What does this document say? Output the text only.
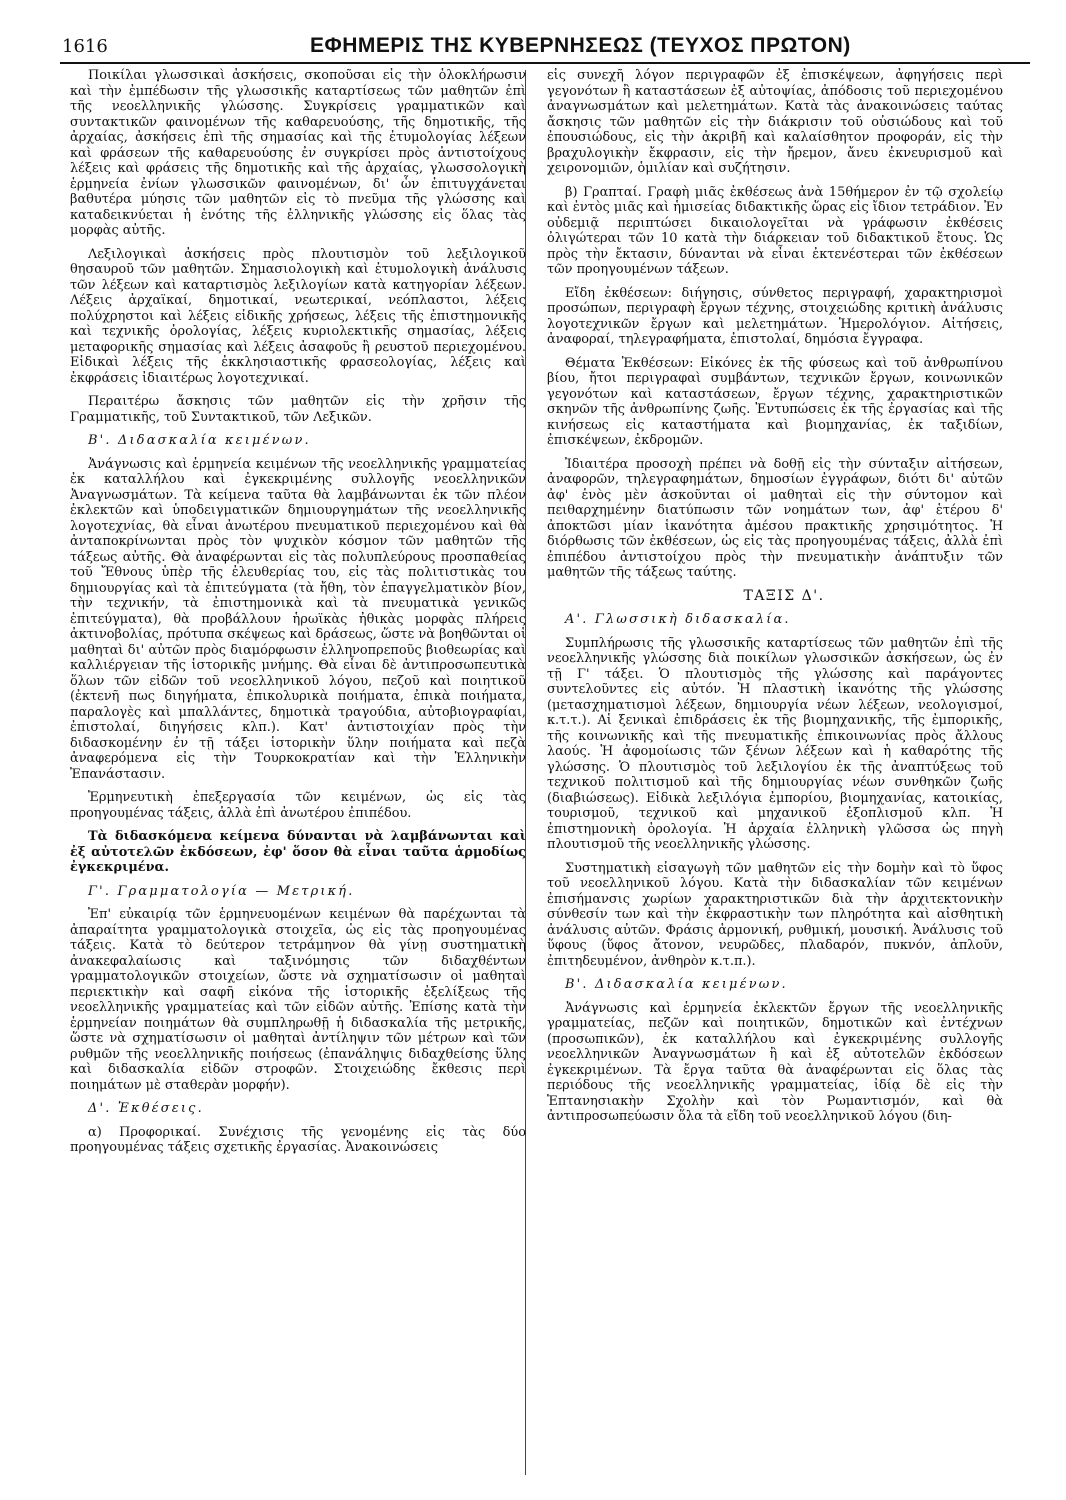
1616	ΕΦΗΜΕΡΙΣ ΤΗΣ ΚΥΒΕΡΝΗΣΕΩΣ (ΤΕΥΧΟΣ ΠΡΩΤΟΝ)

Ποικίλαι γλωσσικαὶ ἀσκήσεις, σκοποῦσαι εἰς τὴν ὁλοκλήρωσιν καὶ τὴν ἐμπέδωσιν τῆς γλωσσικῆς καταρτίσεως τῶν μαθητῶν ἐπὶ τῆς νεοελληνικῆς γλώσσης. Συγκρίσεις γραμματικῶν καὶ συντακτικῶν φαινομένων τῆς καθαρευούσης, τῆς δημοτικῆς, τῆς ἀρχαίας, ἀσκήσεις ἐπὶ τῆς σημασίας καὶ τῆς ἐτυμολογίας λέξεων καὶ φράσεων τῆς καθαρευούσης ἐν συγκρίσει πρὸς ἀντιστοίχους λέξεις καὶ φράσεις τῆς δημοτικῆς καὶ τῆς ἀρχαίας, γλωσσολογικὴ ἑρμηνεία ἐνίων γλωσσικῶν φαινομένων, δι' ὧν ἐπιτυγχάνεται βαθυτέρα μύησις τῶν μαθητῶν εἰς τὸ πνεῦμα τῆς γλώσσης καὶ καταδεικνύεται ἡ ἑνότης τῆς ἑλληνικῆς γλώσσης εἰς ὅλας τὰς μορφὰς αὐτῆς.

Λεξιλογικαὶ ἀσκήσεις πρὸς πλουτισμὸν τοῦ λεξιλογικοῦ θησαυροῦ τῶν μαθητῶν. Σημασιολογικὴ καὶ ἐτυμολογικὴ ἀνάλυσις τῶν λέξεων καὶ καταρτισμὸς λεξιλογίων κατὰ κατηγορίαν λέξεων. Λέξεις ἀρχαϊκαί, δημοτικαί, νεωτερικαί, νεόπλαστοι, λέξεις πολύχρηστοι καὶ λέξεις εἰδικῆς χρήσεως, λέξεις τῆς ἐπιστημονικῆς καὶ τεχνικῆς ὀρολογίας, λέξεις κυριολεκτικῆς σημασίας, λέξεις μεταφορικῆς σημασίας καὶ λέξεις ἀσαφοῦς ἢ ρευστοῦ περιεχομένου. Εἰδικαὶ λέξεις τῆς ἐκκλησιαστικῆς φρασεολογίας, λέξεις καὶ ἐκφράσεις ἰδιαιτέρως λογοτεχνικαί.

Περαιτέρω ἄσκησις τῶν μαθητῶν εἰς τὴν χρῆσιν τῆς Γραμματικῆς, τοῦ Συντακτικοῦ, τῶν Λεξικῶν.

Β'. Διδασκαλία κειμένων.

Ἀνάγνωσις καὶ ἑρμηνεία κειμένων τῆς νεοελληνικῆς γραμματείας ἐκ καταλλήλου καὶ ἐγκεκριμένης συλλογῆς νεοελληνικῶν Ἀναγνωσμάτων. Τὰ κείμενα ταῦτα θὰ λαμβάνωνται ἐκ τῶν πλέον ἐκλεκτῶν καὶ ὑποδειγματικῶν δημιουργημάτων τῆς νεοελληνικῆς λογοτεχνίας, θὰ εἶναι ἀνωτέρου πνευματικοῦ περιεχομένου καὶ θὰ ἀνταποκρίνωνται πρὸς τὸν ψυχικὸν κόσμον τῶν μαθητῶν τῆς τάξεως αὐτῆς. Θὰ ἀναφέρωνται εἰς τὰς πολυπλεύρους προσπαθείας τοῦ Ἔθνους ὑπὲρ τῆς ἐλευθερίας του, εἰς τὰς πολιτιστικὰς του δημιουργίας καὶ τὰ ἐπιτεύγματα (τὰ ἤθη, τὸν ἐπαγγελματικὸν βίον, τὴν τεχνικήν, τὰ ἐπιστημονικὰ καὶ τὰ πνευματικὰ γενικῶς ἐπιτεύγματα), θὰ προβάλλουν ἡρωϊκὰς ἠθικὰς μορφὰς πλήρεις ἀκτινοβολίας, πρότυπα σκέψεως καὶ δράσεως, ὥστε νὰ βοηθῶνται οἱ μαθηταὶ δι' αὐτῶν πρὸς διαμόρφωσιν ἑλληνοπρεποῦς βιοθεωρίας καὶ καλλιέργειαν τῆς ἱστορικῆς μνήμης. Θὰ εἶναι δὲ ἀντιπροσωπευτικὰ ὅλων τῶν εἰδῶν τοῦ νεοελληνικοῦ λόγου, πεζοῦ καὶ ποιητικοῦ (ἐκτενῆ πως διηγήματα, ἐπικολυρικὰ ποιήματα, ἐπικὰ ποιήματα, παραλογὲς καὶ μπαλλάντες, δημοτικὰ τραγούδια, αὐτοβιογραφίαι, ἐπιστολαί, διηγήσεις κλπ.). Κατ' ἀντιστοιχίαν πρὸς τὴν διδασκομένην ἐν τῇ τάξει ἱστορικὴν ὕλην ποιήματα καὶ πεζὰ ἀναφερόμενα εἰς τὴν Τουρκοκρατίαν καὶ τὴν Ἑλληνικὴν Ἐπανάστασιν.

Ἑρμηνευτικὴ ἐπεξεργασία τῶν κειμένων, ὡς εἰς τὰς προηγουμένας τάξεις, ἀλλὰ ἐπὶ ἀνωτέρου ἐπιπέδου.

Τὰ διδασκόμενα κείμενα δύνανται νὰ λαμβάνωνται καὶ ἐξ αὐτοτελῶν ἐκδόσεων, ἐφ' ὅσον θὰ εἶναι ταῦτα ἁρμοδίως ἐγκεκριμένα.

Γ'. Γραμματολογία — Μετρική.

Ἐπ' εὐκαιρίᾳ τῶν ἑρμηνευομένων κειμένων θὰ παρέχωνται τὰ ἀπαραίτητα γραμματολογικὰ στοιχεῖα, ὡς εἰς τὰς προηγουμένας τάξεις. Κατὰ τὸ δεύτερον τετράμηνον θὰ γίνῃ συστηματικὴ ἀνακεφαλαίωσις καὶ ταξινόμησις τῶν διδαχθέντων γραμματολογικῶν στοιχείων, ὥστε νὰ σχηματίσωσιν οἱ μαθηταὶ περιεκτικὴν καὶ σαφῆ εἰκόνα τῆς ἱστορικῆς ἐξελίξεως τῆς νεοελληνικῆς γραμματείας καὶ τῶν εἰδῶν αὐτῆς. Ἐπίσης κατὰ τὴν ἑρμηνείαν ποιημάτων θὰ συμπληρωθῇ ἡ διδασκαλία τῆς μετρικῆς, ὥστε νὰ σχηματίσωσιν οἱ μαθηταὶ ἀντίληψιν τῶν μέτρων καὶ τῶν ρυθμῶν τῆς νεοελληνικῆς ποιήσεως (ἐπανάληψις διδαχθείσης ὕλης καὶ διδασκαλία εἰδῶν στροφῶν. Στοιχειώδης ἔκθεσις περὶ ποιημάτων μὲ σταθερὰν μορφήν).

Δ'. Ἐκθέσεις.

α) Προφορικαί. Συνέχισις τῆς γενομένης εἰς τὰς δύο προηγουμένας τάξεις σχετικῆς ἐργασίας. Ἀνακοινώσεις

εἰς συνεχῆ λόγον περιγραφῶν ἐξ ἐπισκέψεων, ἀφηγήσεις περὶ γεγονότων ἢ καταστάσεων ἐξ αὐτοψίας, ἀπόδοσις τοῦ περιεχομένου ἀναγνωσμάτων καὶ μελετημάτων. Κατὰ τὰς ἀνακοινώσεις ταύτας ἄσκησις τῶν μαθητῶν εἰς τὴν διάκρισιν τοῦ οὐσιώδους καὶ τοῦ ἐπουσιώδους, εἰς τὴν ἀκριβῆ καὶ καλαίσθητον προφοράν, εἰς τὴν βραχυλογικὴν ἔκφρασιν, εἰς τὴν ἤρεμον, ἄνευ ἐκνευρισμοῦ καὶ χειρονομιῶν, ὁμιλίαν καὶ συζήτησιν.

β) Γραπταί. Γραφὴ μιᾶς ἐκθέσεως ἀνὰ 15θήμερον ἐν τῷ σχολείῳ καὶ ἐντὸς μιᾶς καὶ ἡμισείας διδακτικῆς ὥρας εἰς ἴδιον τετράδιον. Ἐν οὐδεμιᾷ περιπτώσει δικαιολογεῖται νὰ γράφωσιν ἐκθέσεις ὀλιγώτεραι τῶν 10 κατὰ τὴν διάρκειαν τοῦ διδακτικοῦ ἔτους. Ὡς πρὸς τὴν ἔκτασιν, δύνανται νὰ εἶναι ἐκτενέστεραι τῶν ἐκθέσεων τῶν προηγουμένων τάξεων.

Εἴδη ἐκθέσεων: διήγησις, σύνθετος περιγραφή, χαρακτηρισμοὶ προσώπων, περιγραφὴ ἔργων τέχνης, στοιχειώδης κριτικὴ ἀνάλυσις λογοτεχνικῶν ἔργων καὶ μελετημάτων. Ἡμερολόγιον. Αἰτήσεις, ἀναφοραί, τηλεγραφήματα, ἐπιστολαί, δημόσια ἔγγραφα.

Θέματα Ἐκθέσεων: Εἰκόνες ἐκ τῆς φύσεως καὶ τοῦ ἀνθρωπίνου βίου, ἤτοι περιγραφαὶ συμβάντων, τεχνικῶν ἔργων, κοινωνικῶν γεγονότων καὶ καταστάσεων, ἔργων τέχνης, χαρακτηριστικῶν σκηνῶν τῆς ἀνθρωπίνης ζωῆς. Ἐντυπώσεις ἐκ τῆς ἐργασίας καὶ τῆς κινήσεως εἰς καταστήματα καὶ βιομηχανίας, ἐκ ταξιδίων, ἐπισκέψεων, ἐκδρομῶν.

Ἰδιαιτέρα προσοχὴ πρέπει νὰ δοθῇ εἰς τὴν σύνταξιν αἰτήσεων, ἀναφορῶν, τηλεγραφημάτων, δημοσίων ἐγγράφων, διότι δι' αὐτῶν ἀφ' ἑνὸς μὲν ἀσκοῦνται οἱ μαθηταὶ εἰς τὴν σύντομον καὶ πειθαρχημένην διατύπωσιν τῶν νοημάτων των, ἀφ' ἑτέρου δ' ἀποκτῶσι μίαν ἱκανότητα ἀμέσου πρακτικῆς χρησιμότητος. Ἡ διόρθωσις τῶν ἐκθέσεων, ὡς εἰς τὰς προηγουμένας τάξεις, ἀλλὰ ἐπὶ ἐπιπέδου ἀντιστοίχου πρὸς τὴν πνευματικὴν ἀνάπτυξιν τῶν μαθητῶν τῆς τάξεως ταύτης.

ΤΑΞΙΣ Δ'.

Α'. Γλωσσικὴ διδασκαλία.

Συμπλήρωσις τῆς γλωσσικῆς καταρτίσεως τῶν μαθητῶν ἐπὶ τῆς νεοελληνικῆς γλώσσης διὰ ποικίλων γλωσσικῶν ἀσκήσεων, ὡς ἐν τῇ Γ' τάξει. Ὁ πλουτισμὸς τῆς γλώσσης καὶ παράγοντες συντελοῦντες εἰς αὐτόν. Ἡ πλαστικὴ ἱκανότης τῆς γλώσσης (μετασχηματισμοὶ λέξεων, δημιουργία νέων λέξεων, νεολογισμοί, κ.τ.τ.). Αἱ ξενικαὶ ἐπιδράσεις ἐκ τῆς βιομηχανικῆς, τῆς ἐμπορικῆς, τῆς κοινωνικῆς καὶ τῆς πνευματικῆς ἐπικοινωνίας πρὸς ἄλλους λαούς. Ἡ ἀφομοίωσις τῶν ξένων λέξεων καὶ ἡ καθαρότης τῆς γλώσσης. Ὁ πλουτισμὸς τοῦ λεξιλογίου ἐκ τῆς ἀναπτύξεως τοῦ τεχνικοῦ πολιτισμοῦ καὶ τῆς δημιουργίας νέων συνθηκῶν ζωῆς (διαβιώσεως). Εἰδικὰ λεξιλόγια ἐμπορίου, βιομηχανίας, κατοικίας, τουρισμοῦ, τεχνικοῦ καὶ μηχανικοῦ ἐξοπλισμοῦ κλπ. Ἡ ἐπιστημονικὴ ὁρολογία. Ἡ ἀρχαία ἑλληνικὴ γλῶσσα ὡς πηγὴ πλουτισμοῦ τῆς νεοελληνικῆς γλώσσης.

Συστηματικὴ εἰσαγωγὴ τῶν μαθητῶν εἰς τὴν δομὴν καὶ τὸ ὕφος τοῦ νεοελληνικοῦ λόγου. Κατὰ τὴν διδασκαλίαν τῶν κειμένων ἐπισήμανσις χωρίων χαρακτηριστικῶν διὰ τὴν ἀρχιτεκτονικὴν σύνθεσίν των καὶ τὴν ἐκφραστικὴν των πληρότητα καὶ αἰσθητικὴ ἀνάλυσις αὐτῶν. Φράσις ἁρμονική, ρυθμική, μουσική. Ἀνάλυσις τοῦ ὕφους (ὕφος ἄτονον, νευρῶδες, πλαδαρόν, πυκνόν, ἁπλοῦν, ἐπιτηδευμένον, ἀνθηρὸν κ.τ.π.).

Β'. Διδασκαλία κειμένων.

Ἀνάγνωσις καὶ ἑρμηνεία ἐκλεκτῶν ἔργων τῆς νεοελληνικῆς γραμματείας, πεζῶν καὶ ποιητικῶν, δημοτικῶν καὶ ἐντέχνων (προσωπικῶν), ἐκ καταλλήλου καὶ ἐγκεκριμένης συλλογῆς νεοελληνικῶν Ἀναγνωσμάτων ἢ καὶ ἐξ αὐτοτελῶν ἐκδόσεων ἐγκεκριμένων. Τὰ ἔργα ταῦτα θὰ ἀναφέρωνται εἰς ὅλας τὰς περιόδους τῆς νεοελληνικῆς γραμματείας, ἰδίᾳ δὲ εἰς τὴν Ἑπτανησιακὴν Σχολὴν καὶ τὸν Ρωμαντισμόν, καὶ θὰ ἀντιπροσωπεύωσιν ὅλα τὰ εἴδη τοῦ νεοελληνικοῦ λόγου (διη-
